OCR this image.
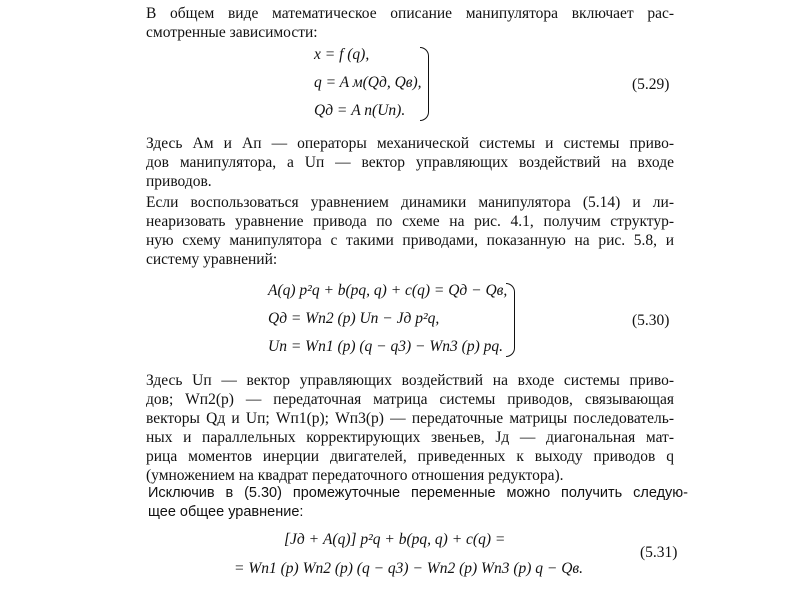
В общем виде математическое описание манипулятора включает рас-
смотренные зависимости:
x = f (q),
q = A м(Qд, Qв),
Qд = A п(Uп).
(5.29)
Здесь Aм и Aп — операторы механической системы и системы приво-
дов манипулятора, а Uп — вектор управляющих воздействий на входе
приводов.
Если воспользоваться уравнением динамики манипулятора (5.14) и ли-
неаризовать уравнение привода по схеме на рис. 4.1, получим структур-
ную схему манипулятора с такими приводами, показанную на рис. 5.8, и
систему уравнений:
A(q) p²q + b(pq, q) + c(q) = Qд − Qв,
Qд = Wп2 (p) Uп − Jд p²q,
Uп = Wп1 (p) (q − q3) − Wп3 (p) pq.
(5.30)
Здесь Uп — вектор управляющих воздействий на входе системы приво-
дов; Wп2(p) — передаточная матрица системы приводов, связывающая
векторы Qд и Uп; Wп1(p); Wп3(p) — передаточные матрицы последователь-
ных и параллельных корректирующих звеньев, Jд — диагональная мат-
рица моментов инерции двигателей, приведенных к выходу приводов q
(умножением на квадрат передаточного отношения редуктора).
Исключив в (5.30) промежуточные переменные можно получить следую-
щее общее уравнение:
[Jд + A(q)] p²q + b(pq, q) + c(q) =
= Wп1 (p) Wп2 (p) (q − q3) − Wп2 (p) Wп3 (p) q − Qв.
(5.31)
